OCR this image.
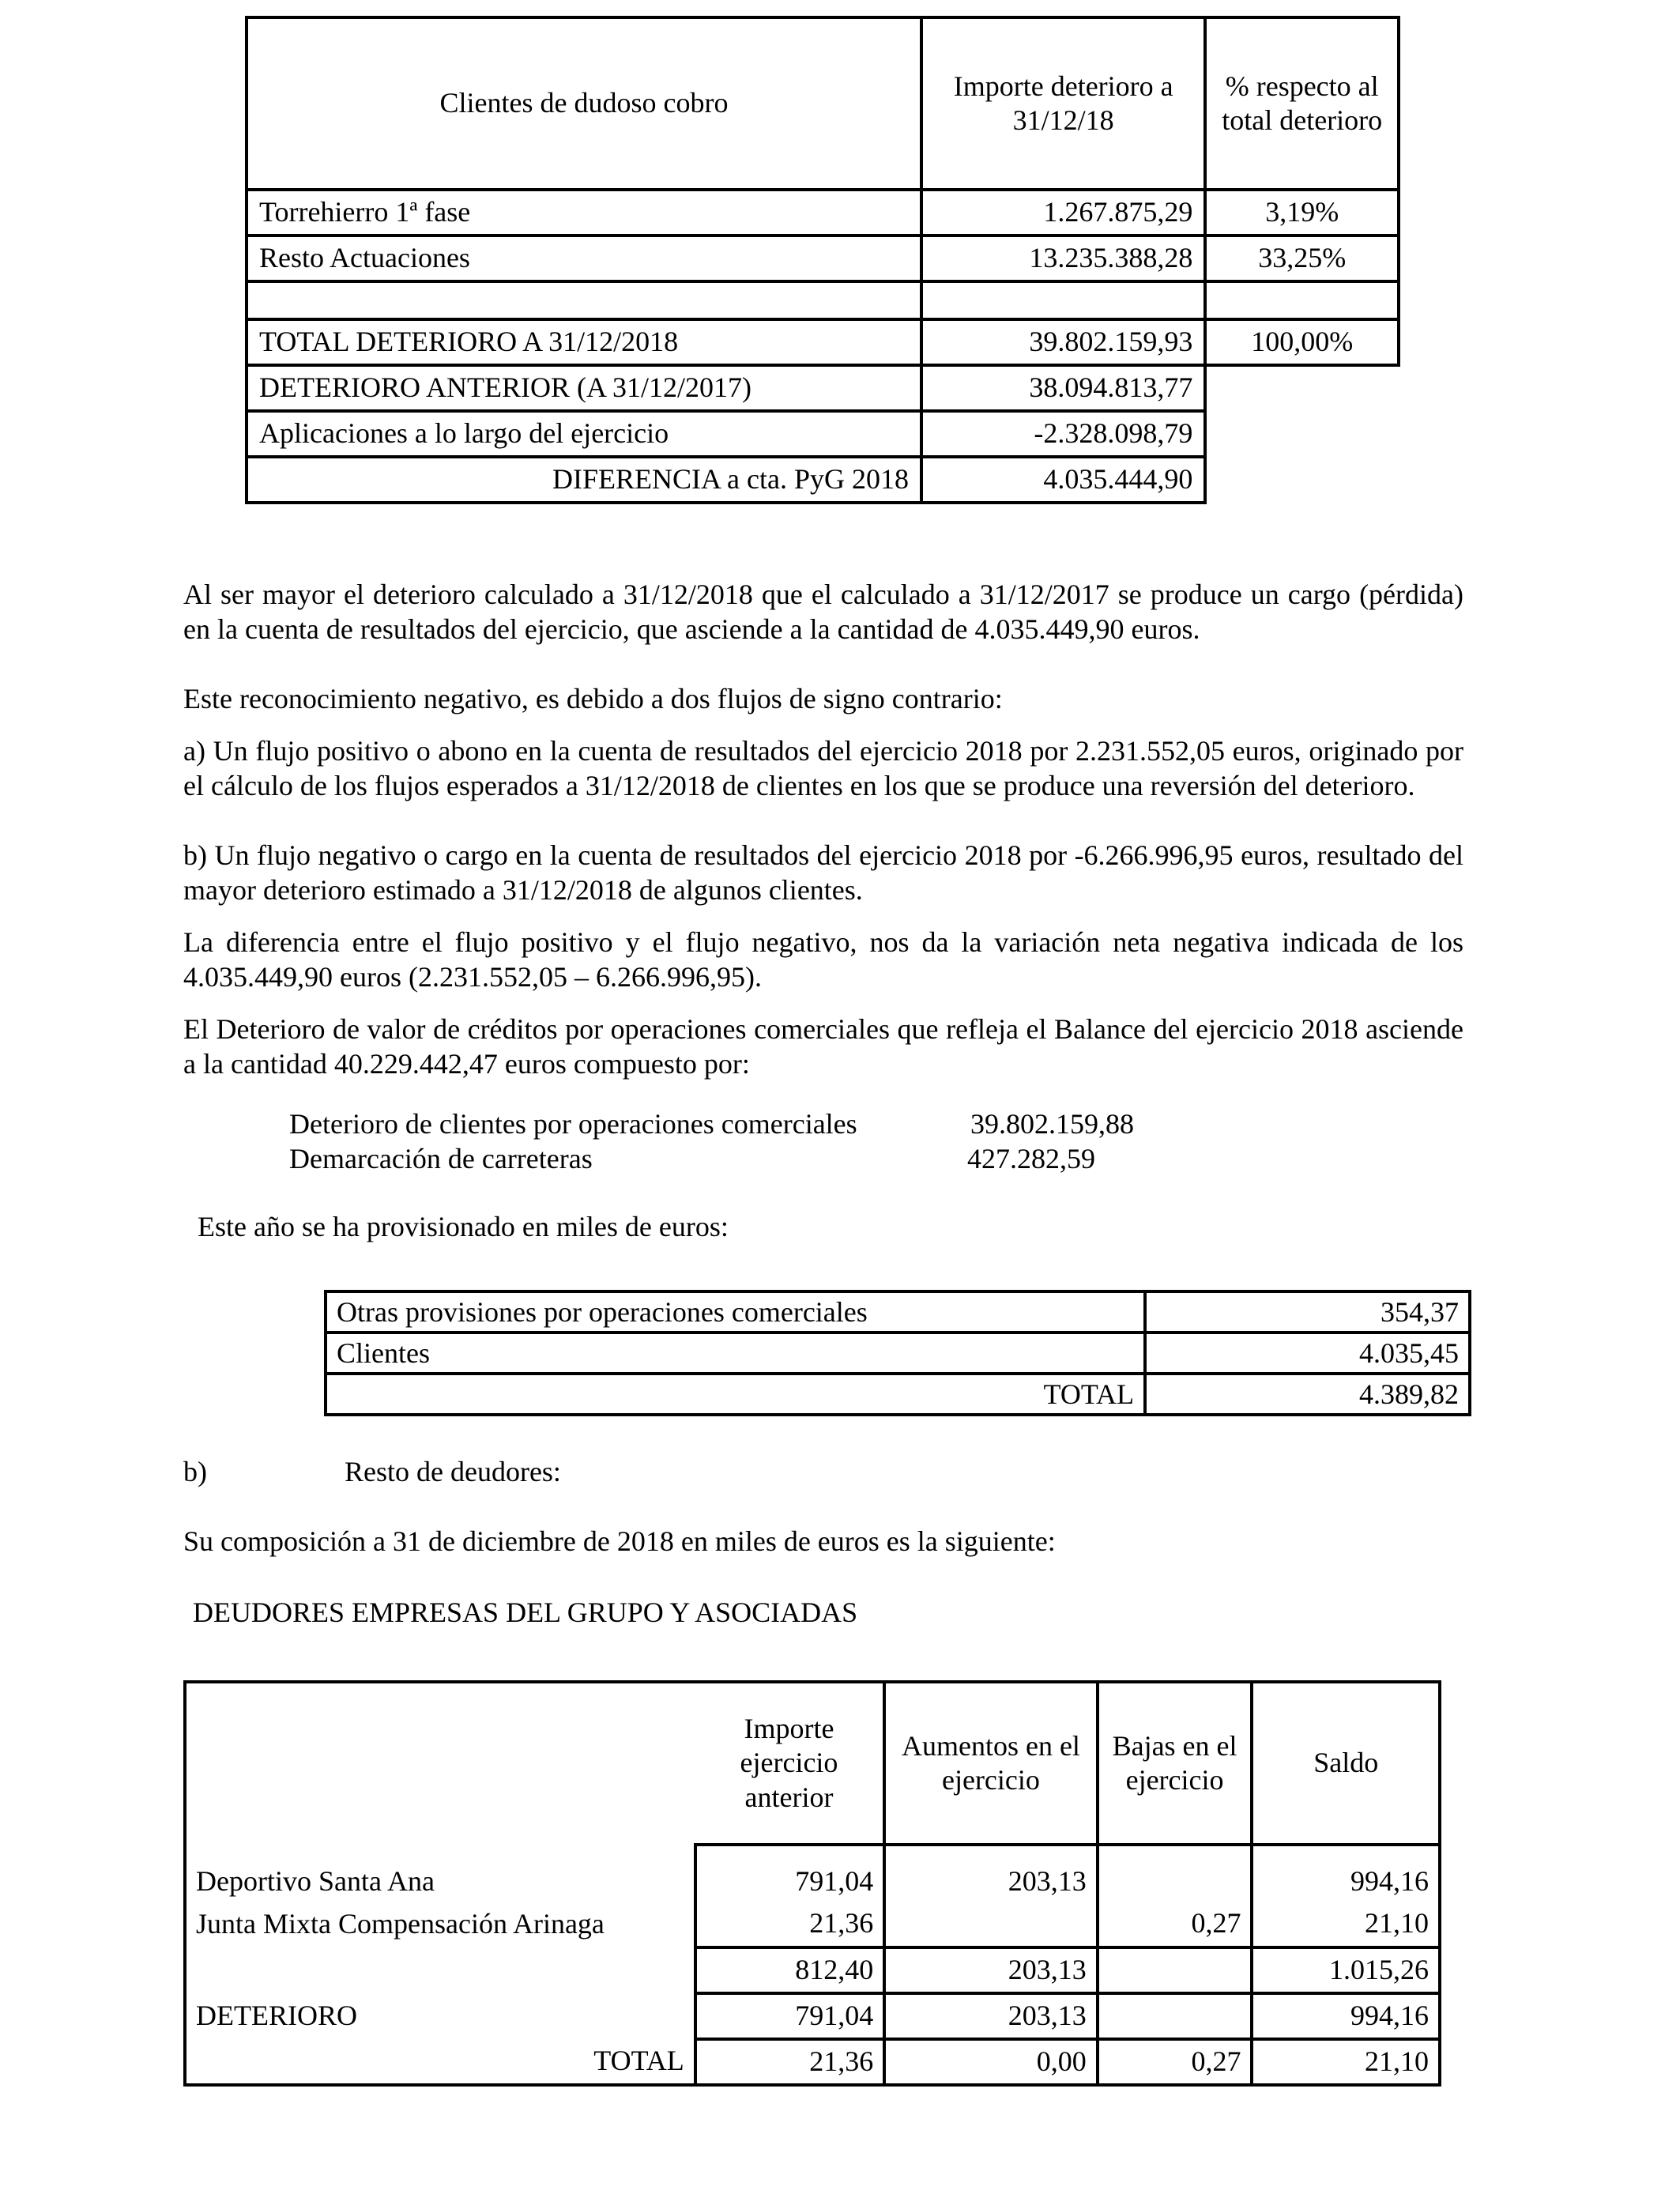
Clientes de dudoso cobro	Importe deterioro a 31/12/18	% respecto al total deterioro
Torrehierro 1ª fase	1.267.875,29	3,19%
Resto Actuaciones	13.235.388,28	33,25%

TOTAL DETERIORO A 31/12/2018	39.802.159,93	100,00%
DETERIORO ANTERIOR (A 31/12/2017)	38.094.813,77	
Aplicaciones a lo largo del ejercicio	-2.328.098,79	
DIFERENCIA a cta. PyG 2018	4.035.444,90	

Al ser mayor el deterioro calculado a 31/12/2018 que el calculado a 31/12/2017 se produce un cargo (pérdida) en la cuenta de resultados del ejercicio, que asciende a la cantidad de 4.035.449,90 euros.

Este reconocimiento negativo, es debido a dos flujos de signo contrario:

a) Un flujo positivo o abono en la cuenta de resultados del ejercicio 2018 por 2.231.552,05 euros, originado por el cálculo de los flujos esperados a 31/12/2018 de clientes en los que se produce una reversión del deterioro.

b) Un flujo negativo o cargo en la cuenta de resultados del ejercicio 2018 por -6.266.996,95 euros, resultado del mayor deterioro estimado a 31/12/2018 de algunos clientes.

La diferencia entre el flujo positivo y el flujo negativo, nos da la variación neta negativa indicada de los 4.035.449,90 euros (2.231.552,05 – 6.266.996,95).

El Deterioro de valor de créditos por operaciones comerciales que refleja el Balance del ejercicio 2018 asciende a la cantidad 40.229.442,47 euros compuesto por:

Deterioro de clientes por operaciones comerciales	39.802.159,88
Demarcación de carreteras	427.282,59

Este año se ha provisionado en miles de euros:

Otras provisiones por operaciones comerciales	354,37
Clientes	4.035,45
TOTAL	4.389,82
b)	Resto de deudores:

Su composición a 31 de diciembre de 2018 en miles de euros es la siguiente:

DEUDORES EMPRESAS DEL GRUPO Y ASOCIADAS

	Importe ejercicio anterior	Aumentos en el ejercicio	Bajas en el ejercicio	Saldo
Deportivo Santa Ana	791,04	203,13		994,16
Junta Mixta Compensación Arinaga	21,36		0,27	21,10
	812,40	203,13		1.015,26
DETERIORO	791,04	203,13		994,16
TOTAL	21,36	0,00	0,27	21,10
